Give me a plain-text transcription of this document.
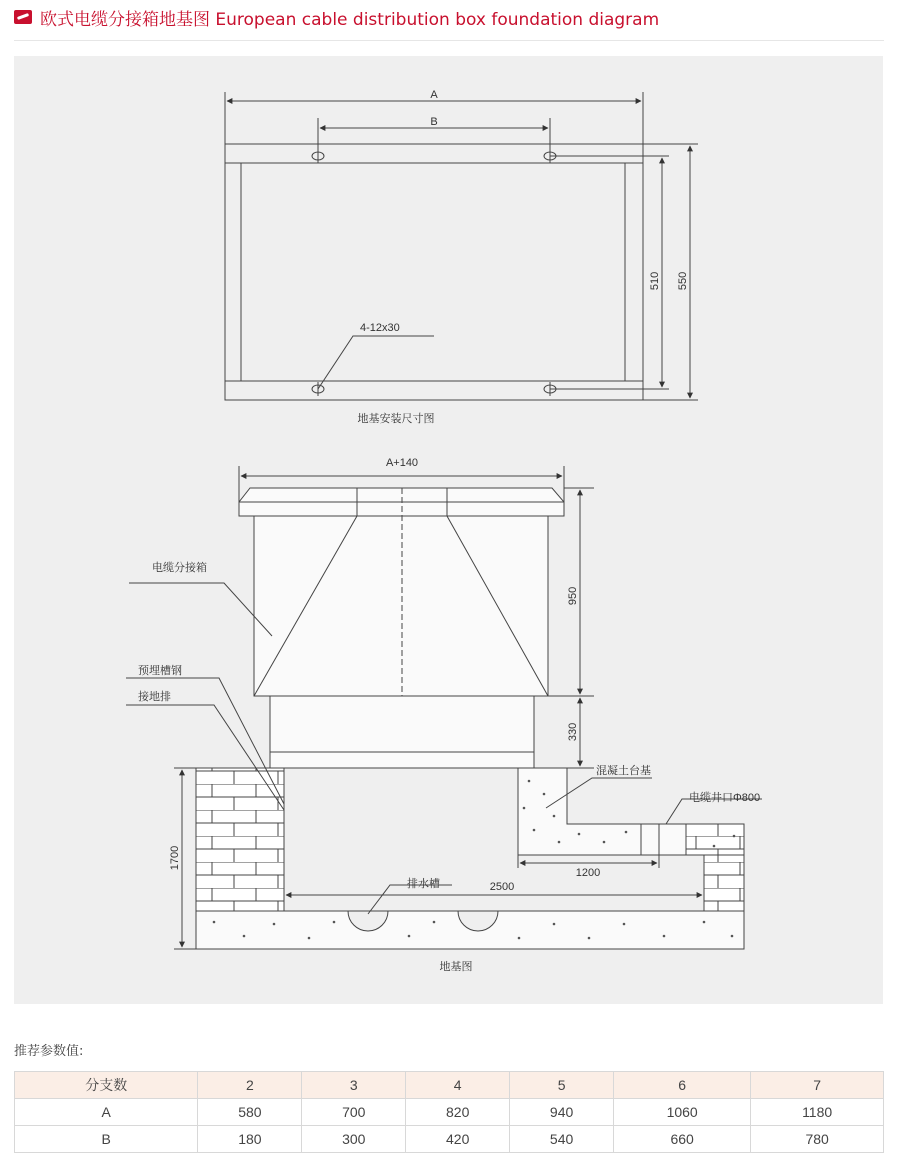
欧式电缆分接箱地基图 European cable distribution box foundation diagram
A
B
510 550
4-12x30
地基安装尺寸图
A+140
950
330
1700
2500
1200
电缆分接箱
预埋槽钢
接地排
混凝土台基
电缆井口Φ800
排水槽
地基图
推荐参数值:
分支数	2	3	4	5	6	7
A	580	700	820	940	1060	1180
B	180	300	420	540	660	780
